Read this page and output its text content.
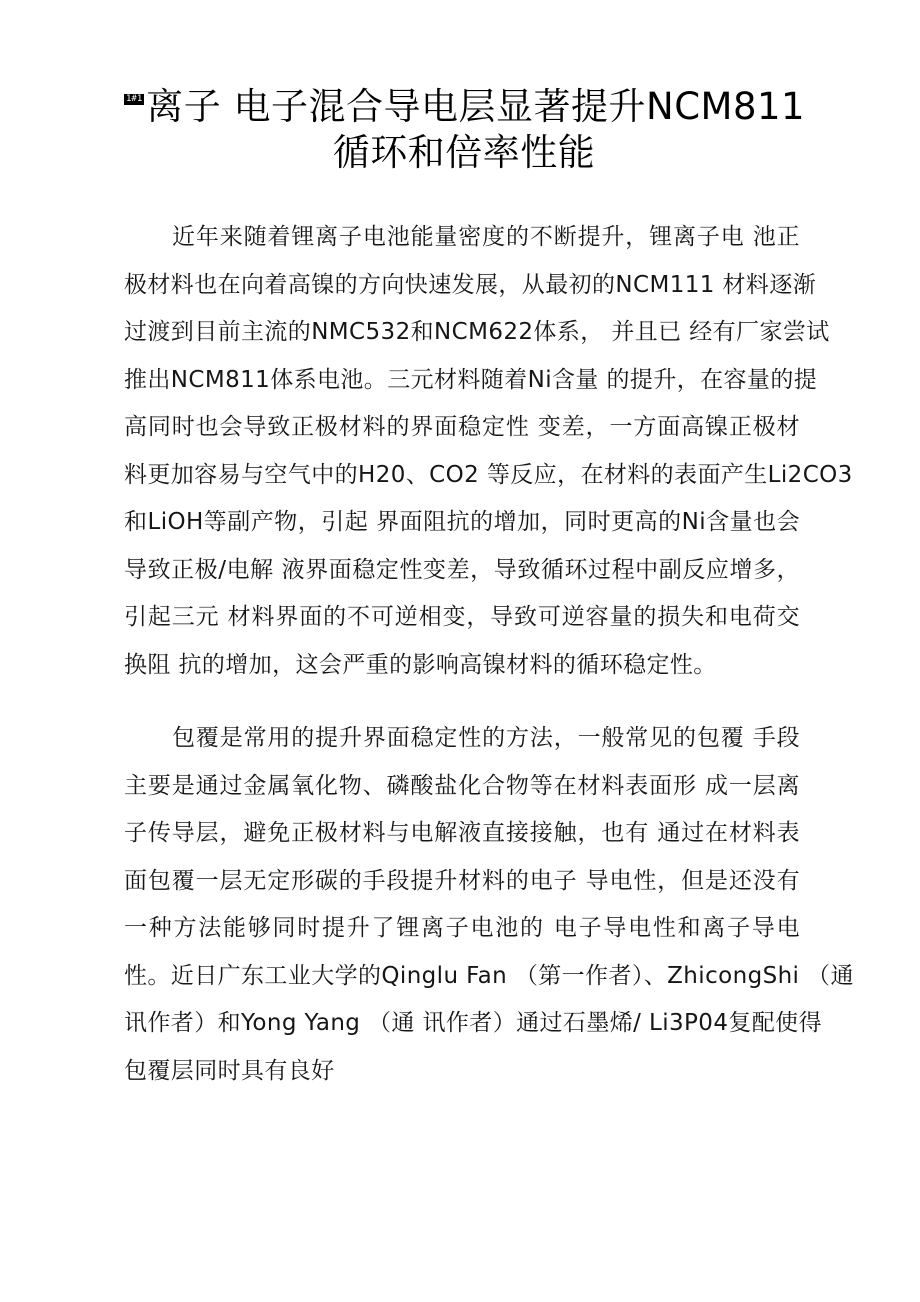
1#1 离子 电子混合导电层显著提升NCM811
循环和倍率性能
近年来随着锂离子电池能量密度的不断提升，锂离子电 池正
极材料也在向着高镍的方向快速发展，从最初的NCM111 材料逐渐
过渡到目前主流的NMC532和NCM622体系， 并且已 经有厂家尝试
推出NCM811体系电池。三元材料随着Ni含量 的提升，在容量的提
高同时也会导致正极材料的界面稳定性 变差，一方面高镍正极材
料更加容易与空气中的H20、CO2 等反应，在材料的表面产生Li2CO3
和LiOH等副产物，引起 界面阻抗的增加，同时更高的Ni含量也会
导致正极/电解 液界面稳定性变差，导致循环过程中副反应增多，
引起三元 材料界面的不可逆相变，导致可逆容量的损失和电荷交
换阻 抗的增加，这会严重的影响高镍材料的循环稳定性。
包覆是常用的提升界面稳定性的方法，一般常见的包覆 手段
主要是通过金属氧化物、磷酸盐化合物等在材料表面形 成一层离
子传导层，避免正极材料与电解液直接接触，也有 通过在材料表
面包覆一层无定形碳的手段提升材料的电子 导电性，但是还没有
一种方法能够同时提升了锂离子电池的 电子导电性和离子导电
性。近日广东工业大学的Qinglu Fan （第一作者）、ZhicongShi （通
讯作者）和Yong Yang （通 讯作者）通过石墨烯/ Li3P04复配使得
包覆层同时具有良好
